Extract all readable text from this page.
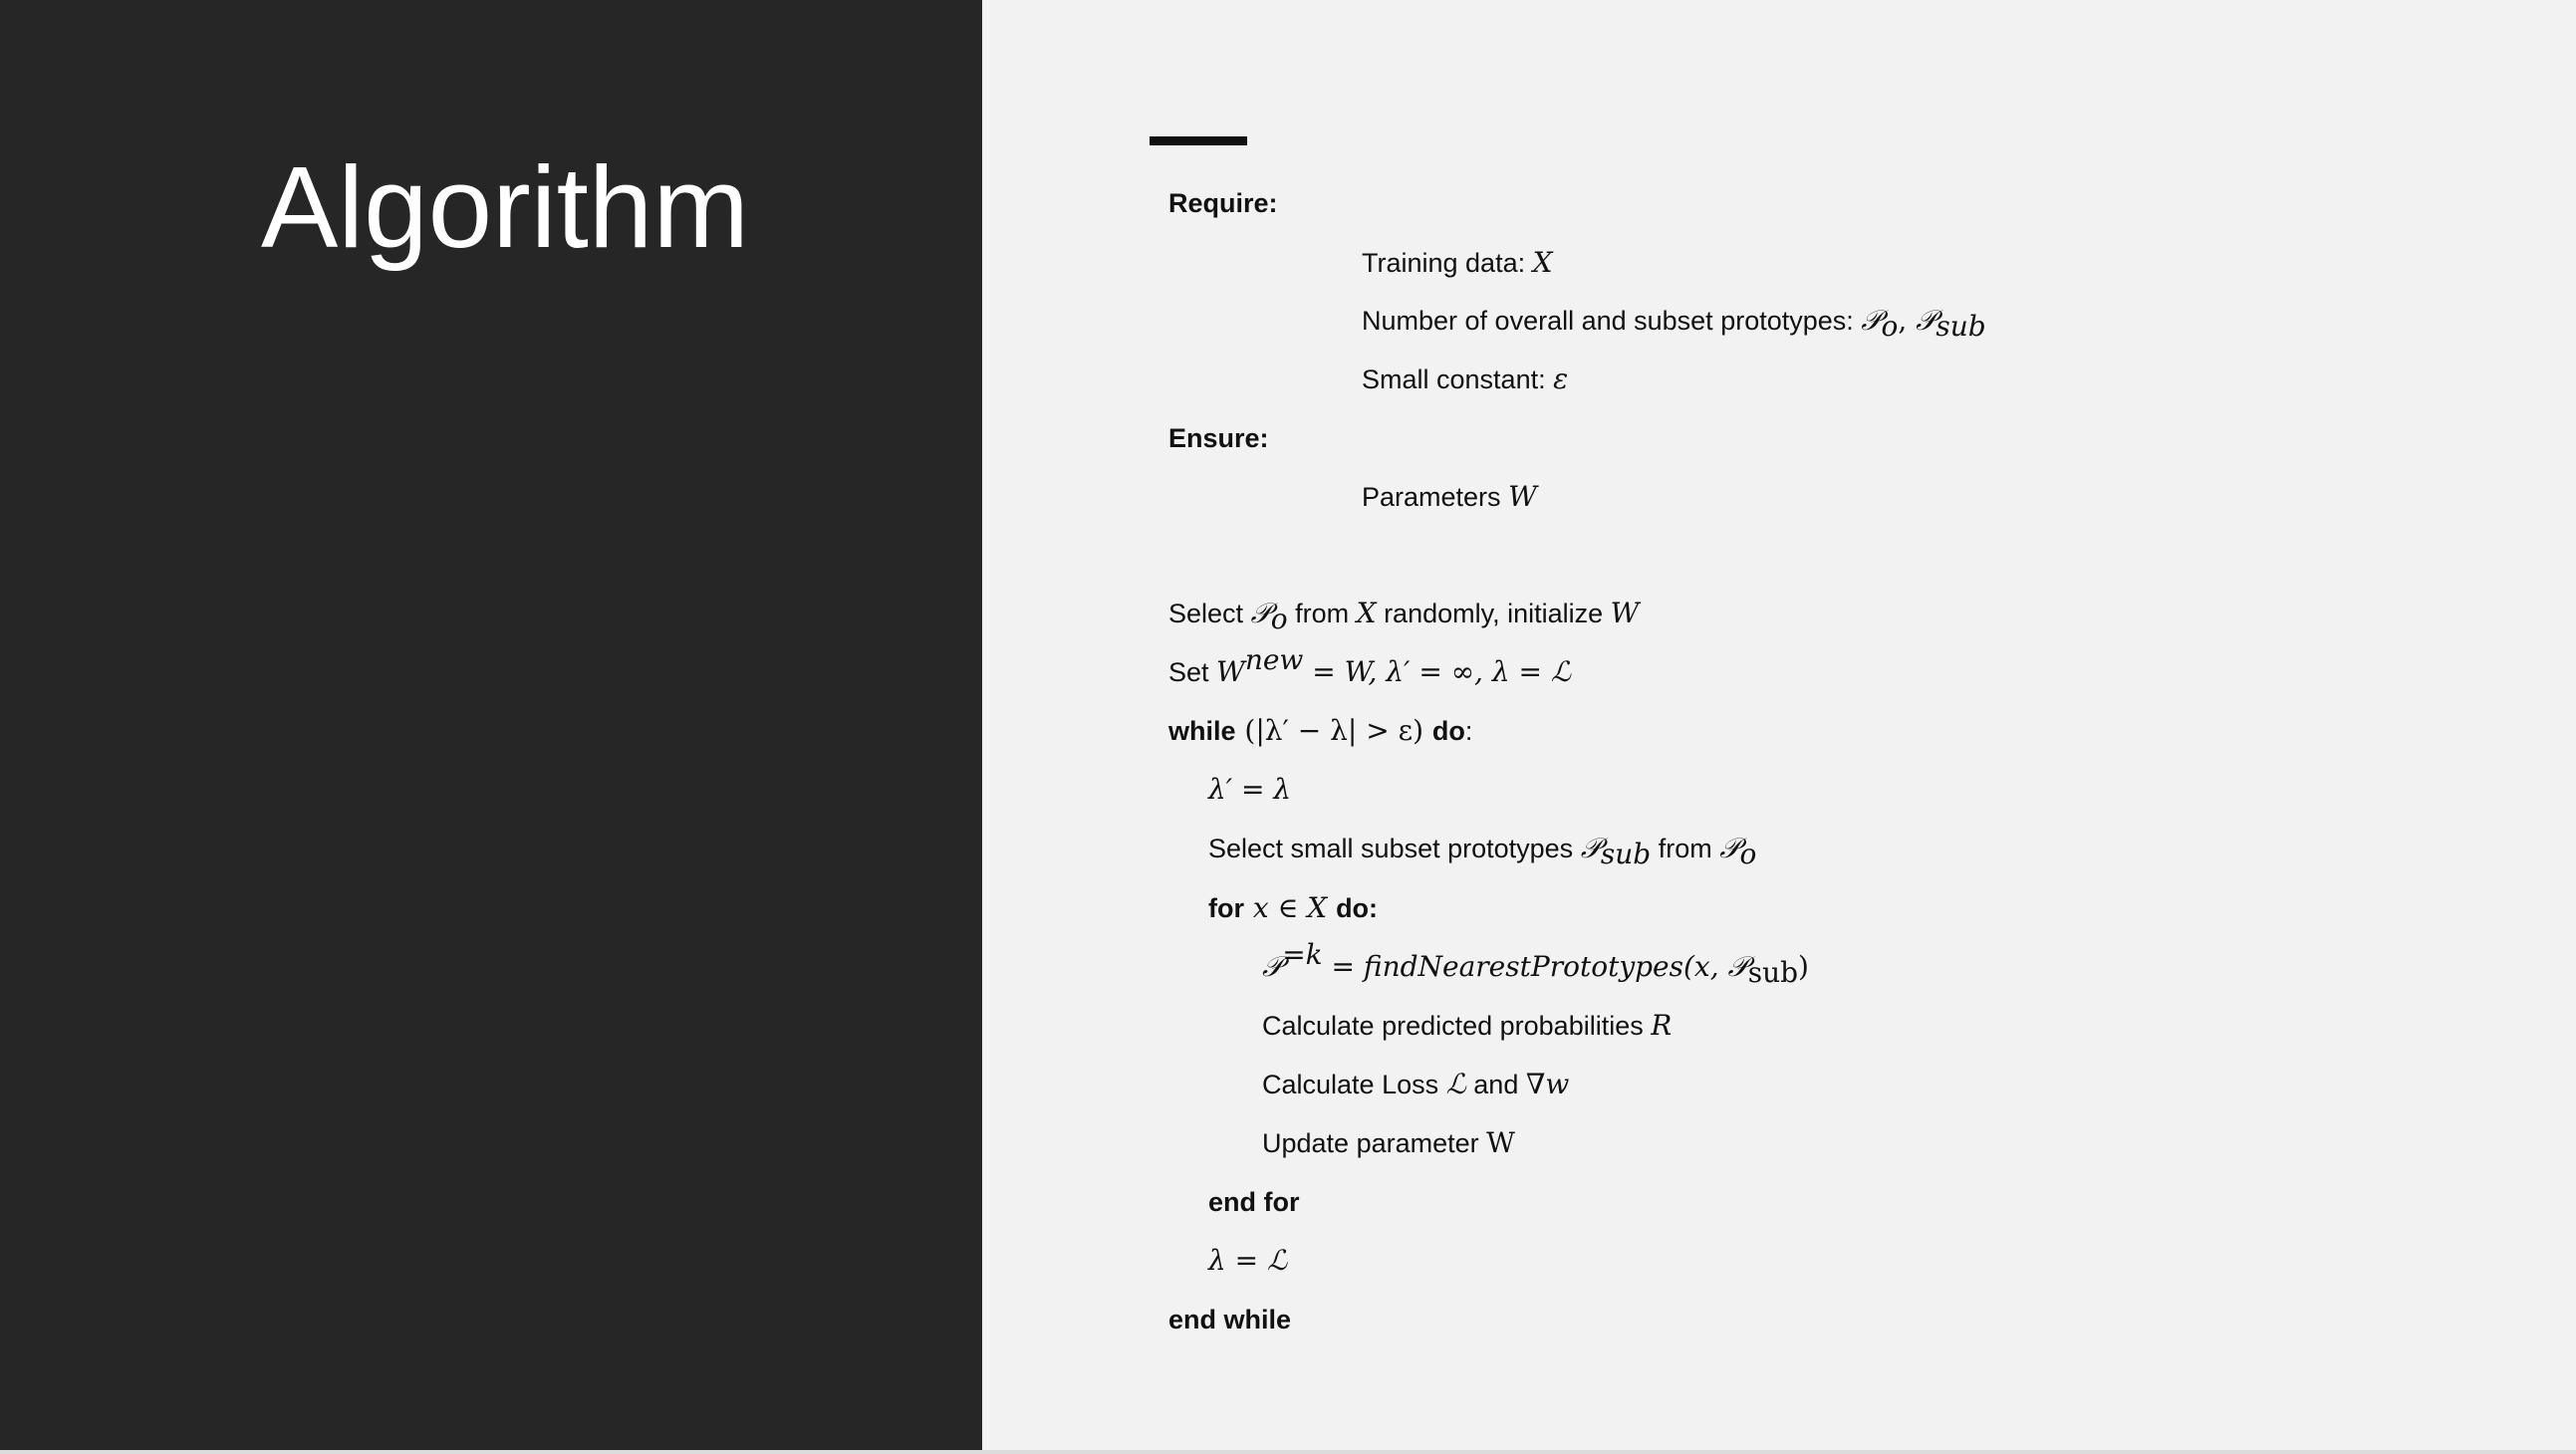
Algorithm	Require:
Training data: X
Number of overall and subset prototypes: 𝒫$_o$, 𝒫$_{sub}$
Small constant: ε
Ensure:
Parameters W
Select 𝒫$_o$ from X randomly, initialize W
Set $W^{new} = W$, λ′ = ∞, λ = ℒ
while (|λ′ − λ| > ε) do:
λ′ = λ
Select small subset prototypes 𝒫$_{sub}$ from 𝒫$_o$
for x ∈ X do:
𝒫$^{=k}$ = findNearestPrototypes(x, 𝒫$_{sub}$)
Calculate predicted probabilities R
Calculate Loss ℒ and ∇w
Update parameter W
end for
λ = ℒ
end while
